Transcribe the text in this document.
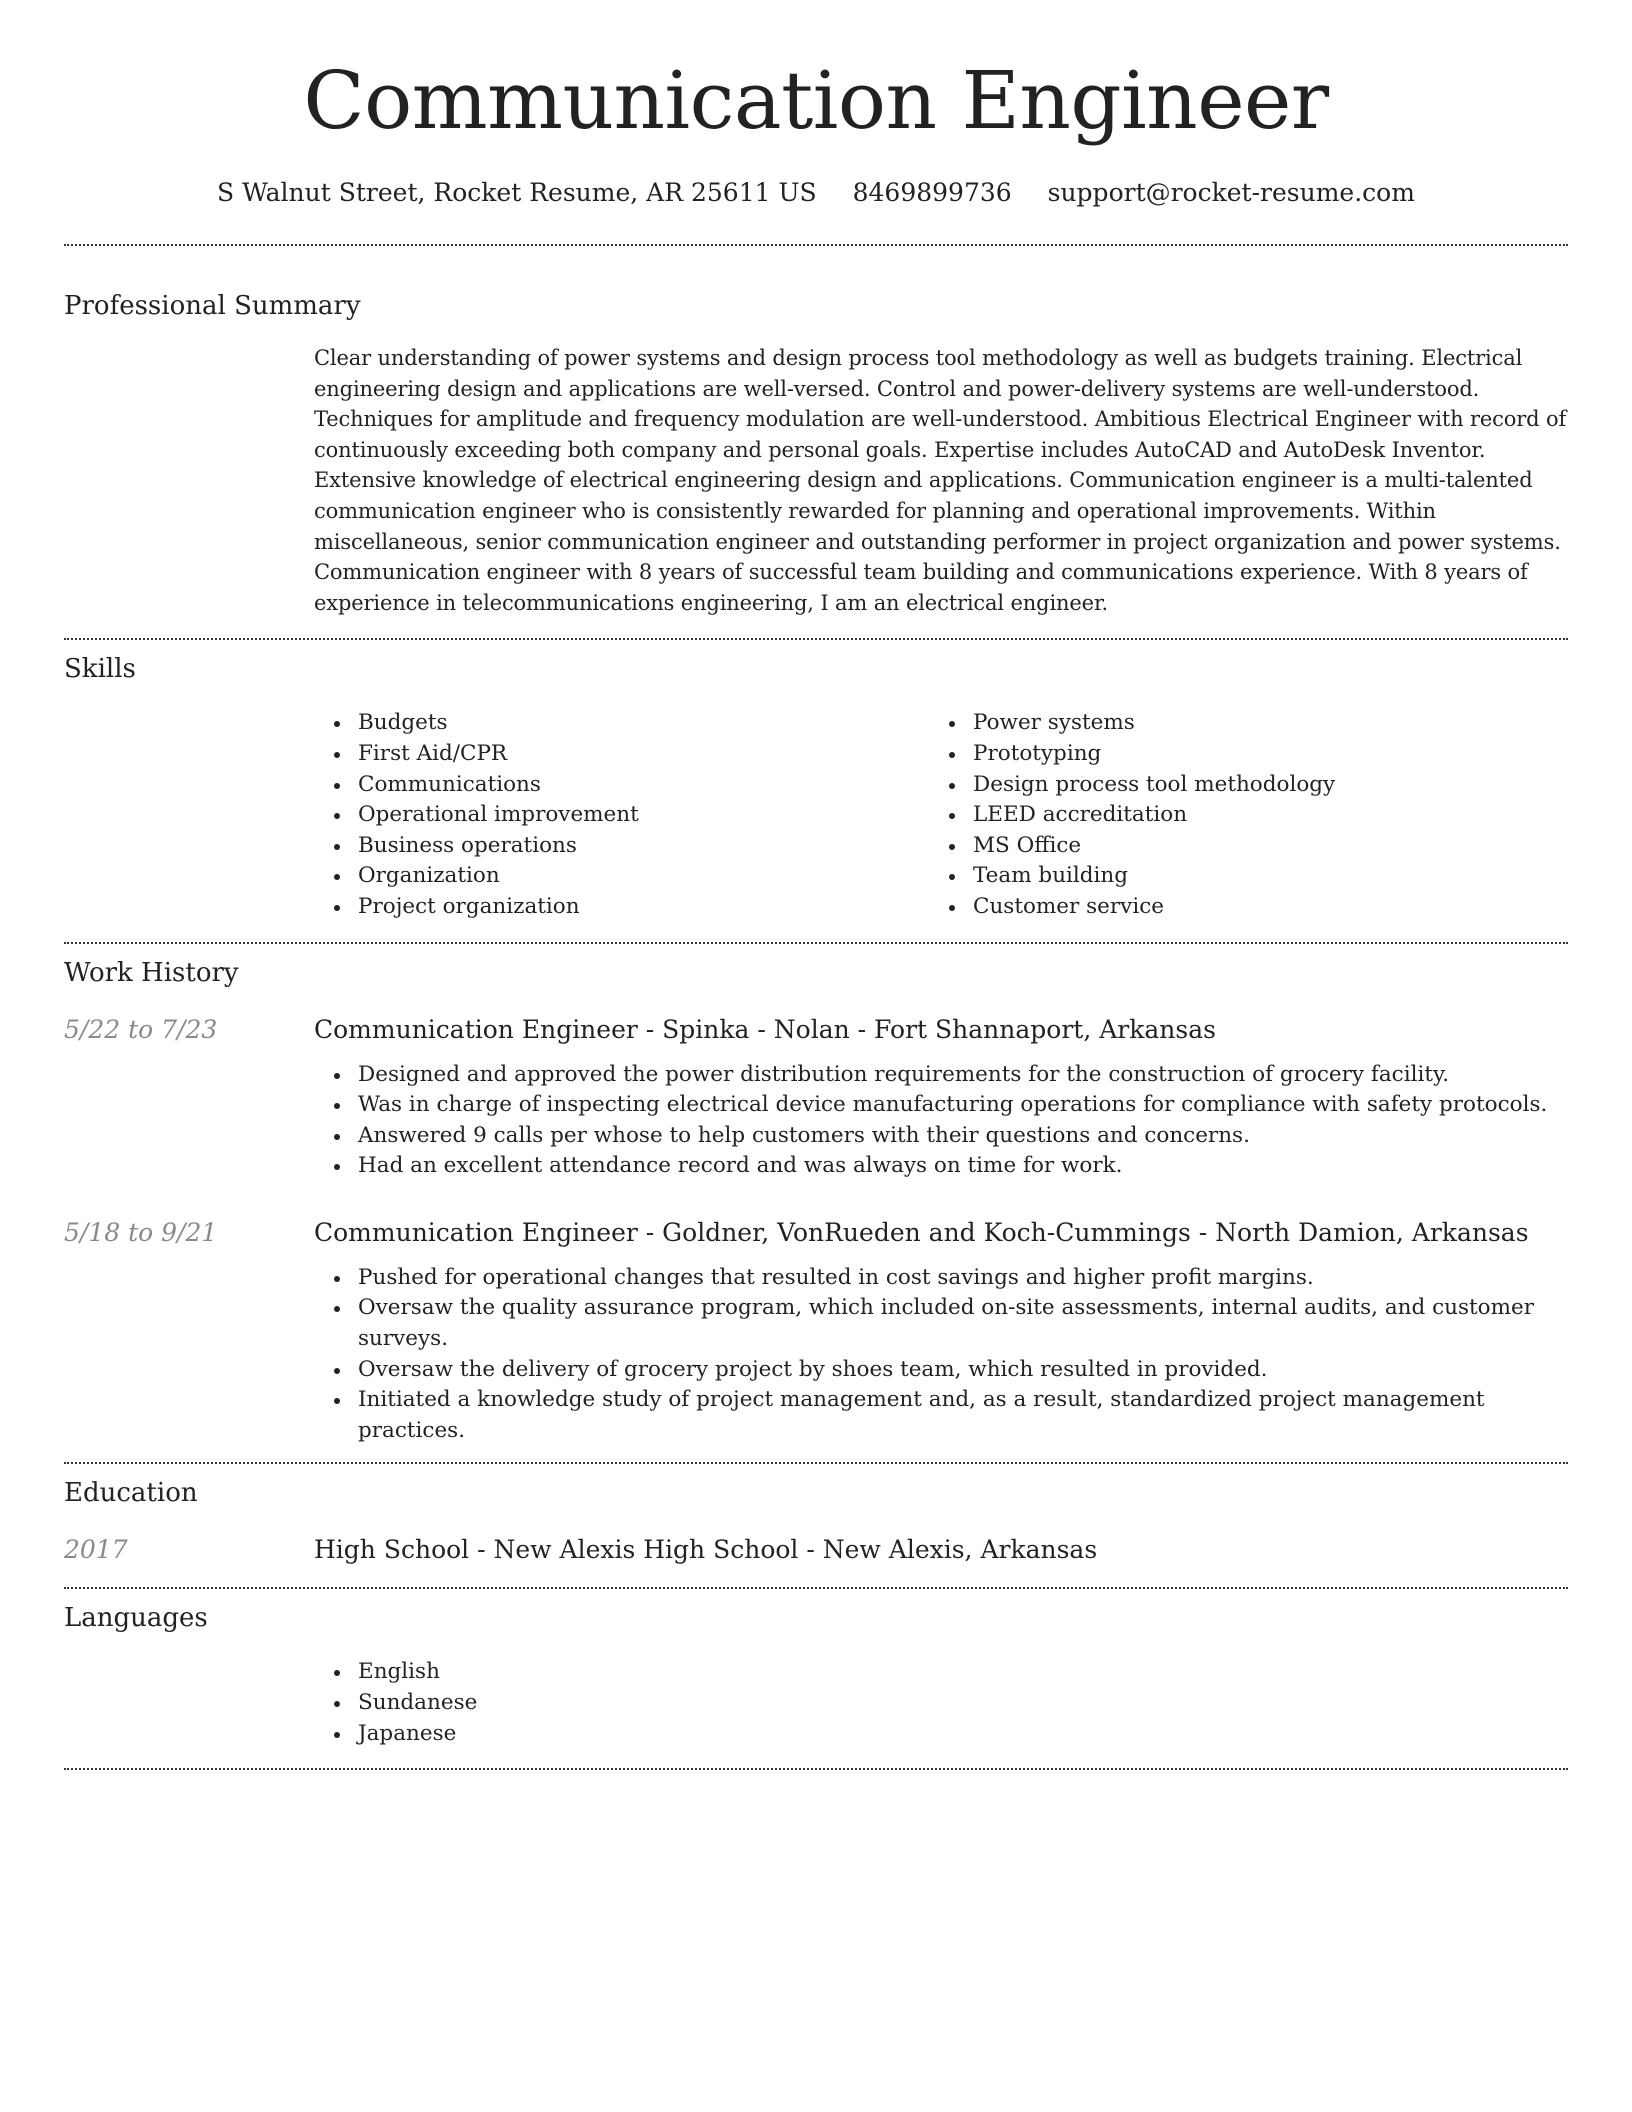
Communication Engineer
S Walnut Street, Rocket Resume, AR 25611 US 8469899736 support@rocket-resume.com
Professional Summary

Clear understanding of power systems and design process tool methodology as well as budgets training. Electrical engineering design and applications are well-versed. Control and power-delivery systems are well-understood. Techniques for amplitude and frequency modulation are well-understood. Ambitious Electrical Engineer with record of continuously exceeding both company and personal goals. Expertise includes AutoCAD and AutoDesk Inventor. Extensive knowledge of electrical engineering design and applications. Communication engineer is a multi-talented communication engineer who is consistently rewarded for planning and operational improvements. Within miscellaneous, senior communication engineer and outstanding performer in project organization and power systems. Communication engineer with 8 years of successful team building and communications experience. With 8 years of experience in telecommunications engineering, I am an electrical engineer.

Skills
Budgets
First Aid/CPR
Communications
Operational improvement
Business operations
Organization
Project organization
Power systems
Prototyping
Design process tool methodology
LEED accreditation
MS Office
Team building
Customer service
Work History
5/22 to 7/23	Communication Engineer - Spinka - Nolan - Fort Shannaport, Arkansas
Designed and approved the power distribution requirements for the construction of grocery facility.
Was in charge of inspecting electrical device manufacturing operations for compliance with safety protocols.
Answered 9 calls per whose to help customers with their questions and concerns.
Had an excellent attendance record and was always on time for work.
5/18 to 9/21	Communication Engineer - Goldner, VonRueden and Koch-Cummings - North Damion, Arkansas
Pushed for operational changes that resulted in cost savings and higher profit margins.
Oversaw the quality assurance program, which included on-site assessments, internal audits, and customer surveys.
Oversaw the delivery of grocery project by shoes team, which resulted in provided.
Initiated a knowledge study of project management and, as a result, standardized project management practices.
Education
2017	High School - New Alexis High School - New Alexis, Arkansas
Languages
English
Sundanese
Japanese
